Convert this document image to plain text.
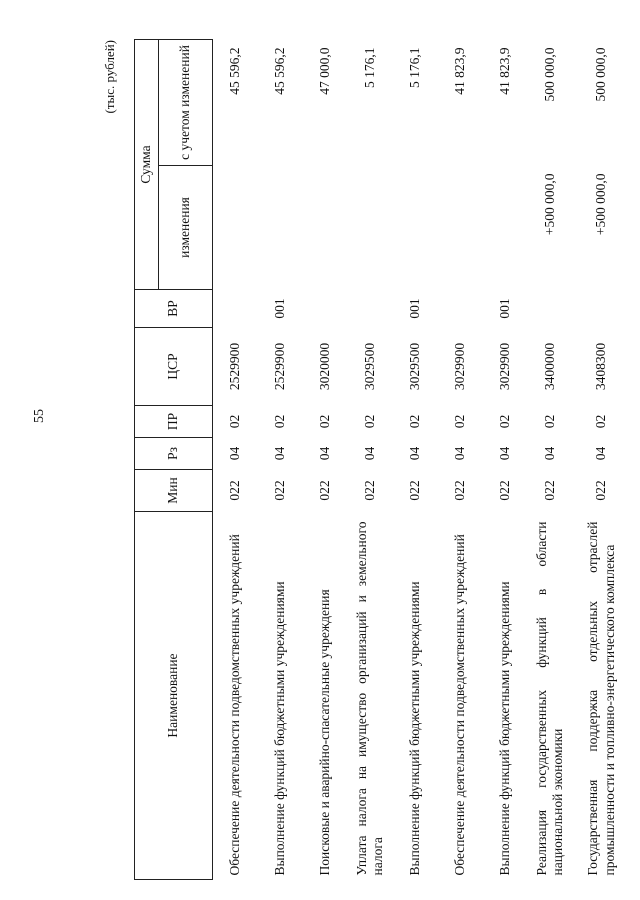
55
(тыс. рублей)
Наименование	Мин	Рз	ПР	ЦСР	ВР	Сумма	
						изменения	с учетом изменений
Обеспечение деятельности подведомственных учреждений	022	04	02	2529900			45 596,2
Выполнение функций бюджетными учреждениями	022	04	02	2529900	001		45 596,2
Поисковые и аварийно-спасательные учреждения	022	04	02	3020000			47 000,0
Уплата налога на имущество организаций и земельного налога	022	04	02	3029500			5 176,1
Выполнение функций бюджетными учреждениями	022	04	02	3029500	001		5 176,1
Обеспечение деятельности подведомственных учреждений	022	04	02	3029900			41 823,9
Выполнение функций бюджетными учреждениями	022	04	02	3029900	001		41 823,9
Реализация государственных функций в области национальной экономики	022	04	02	3400000		+500 000,0	500 000,0
Государственная поддержка отдельных отраслей промышленности и топливно-энергетического комплекса	022	04	02	3408300		+500 000,0	500 000,0
